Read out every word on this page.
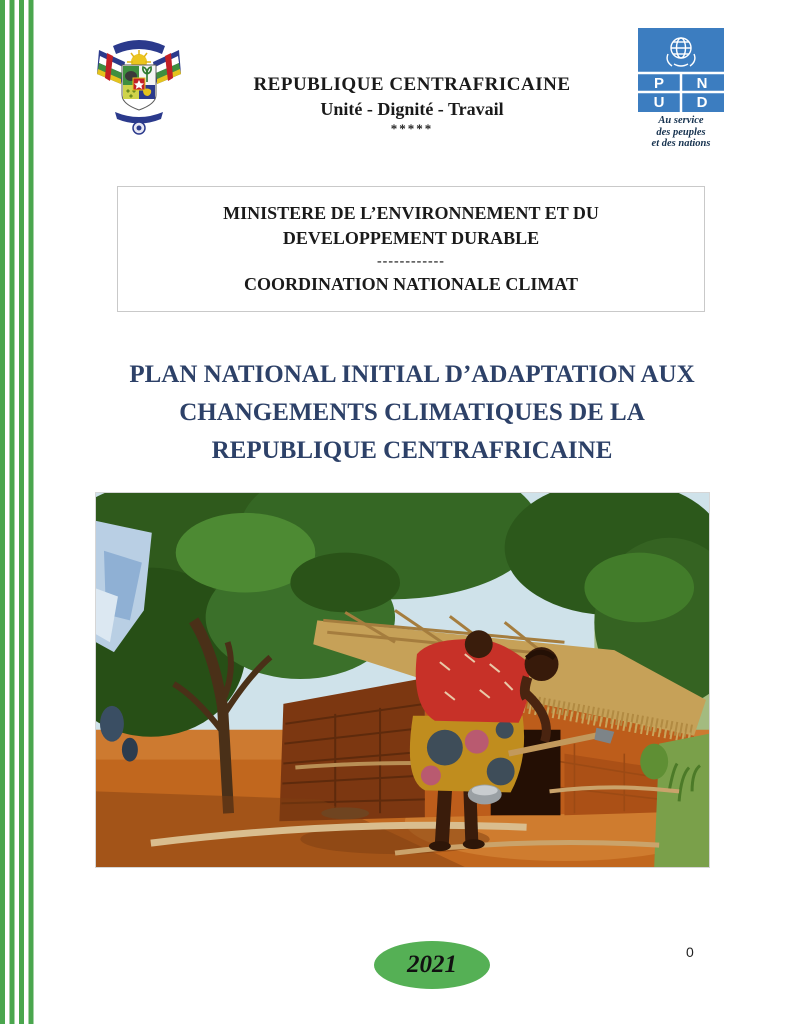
REPUBLIQUE CENTRAFRICAINE
Unité - Dignité - Travail
*****
P N
U D
Au service
des peuples
et des nations
MINISTERE DE L’ENVIRONNEMENT ET DU DEVELOPPEMENT DURABLE
------------
COORDINATION NATIONALE CLIMAT
PLAN NATIONAL INITIAL D’ADAPTATION AUX CHANGEMENTS CLIMATIQUES DE LA REPUBLIQUE CENTRAFRICAINE
2021	0
